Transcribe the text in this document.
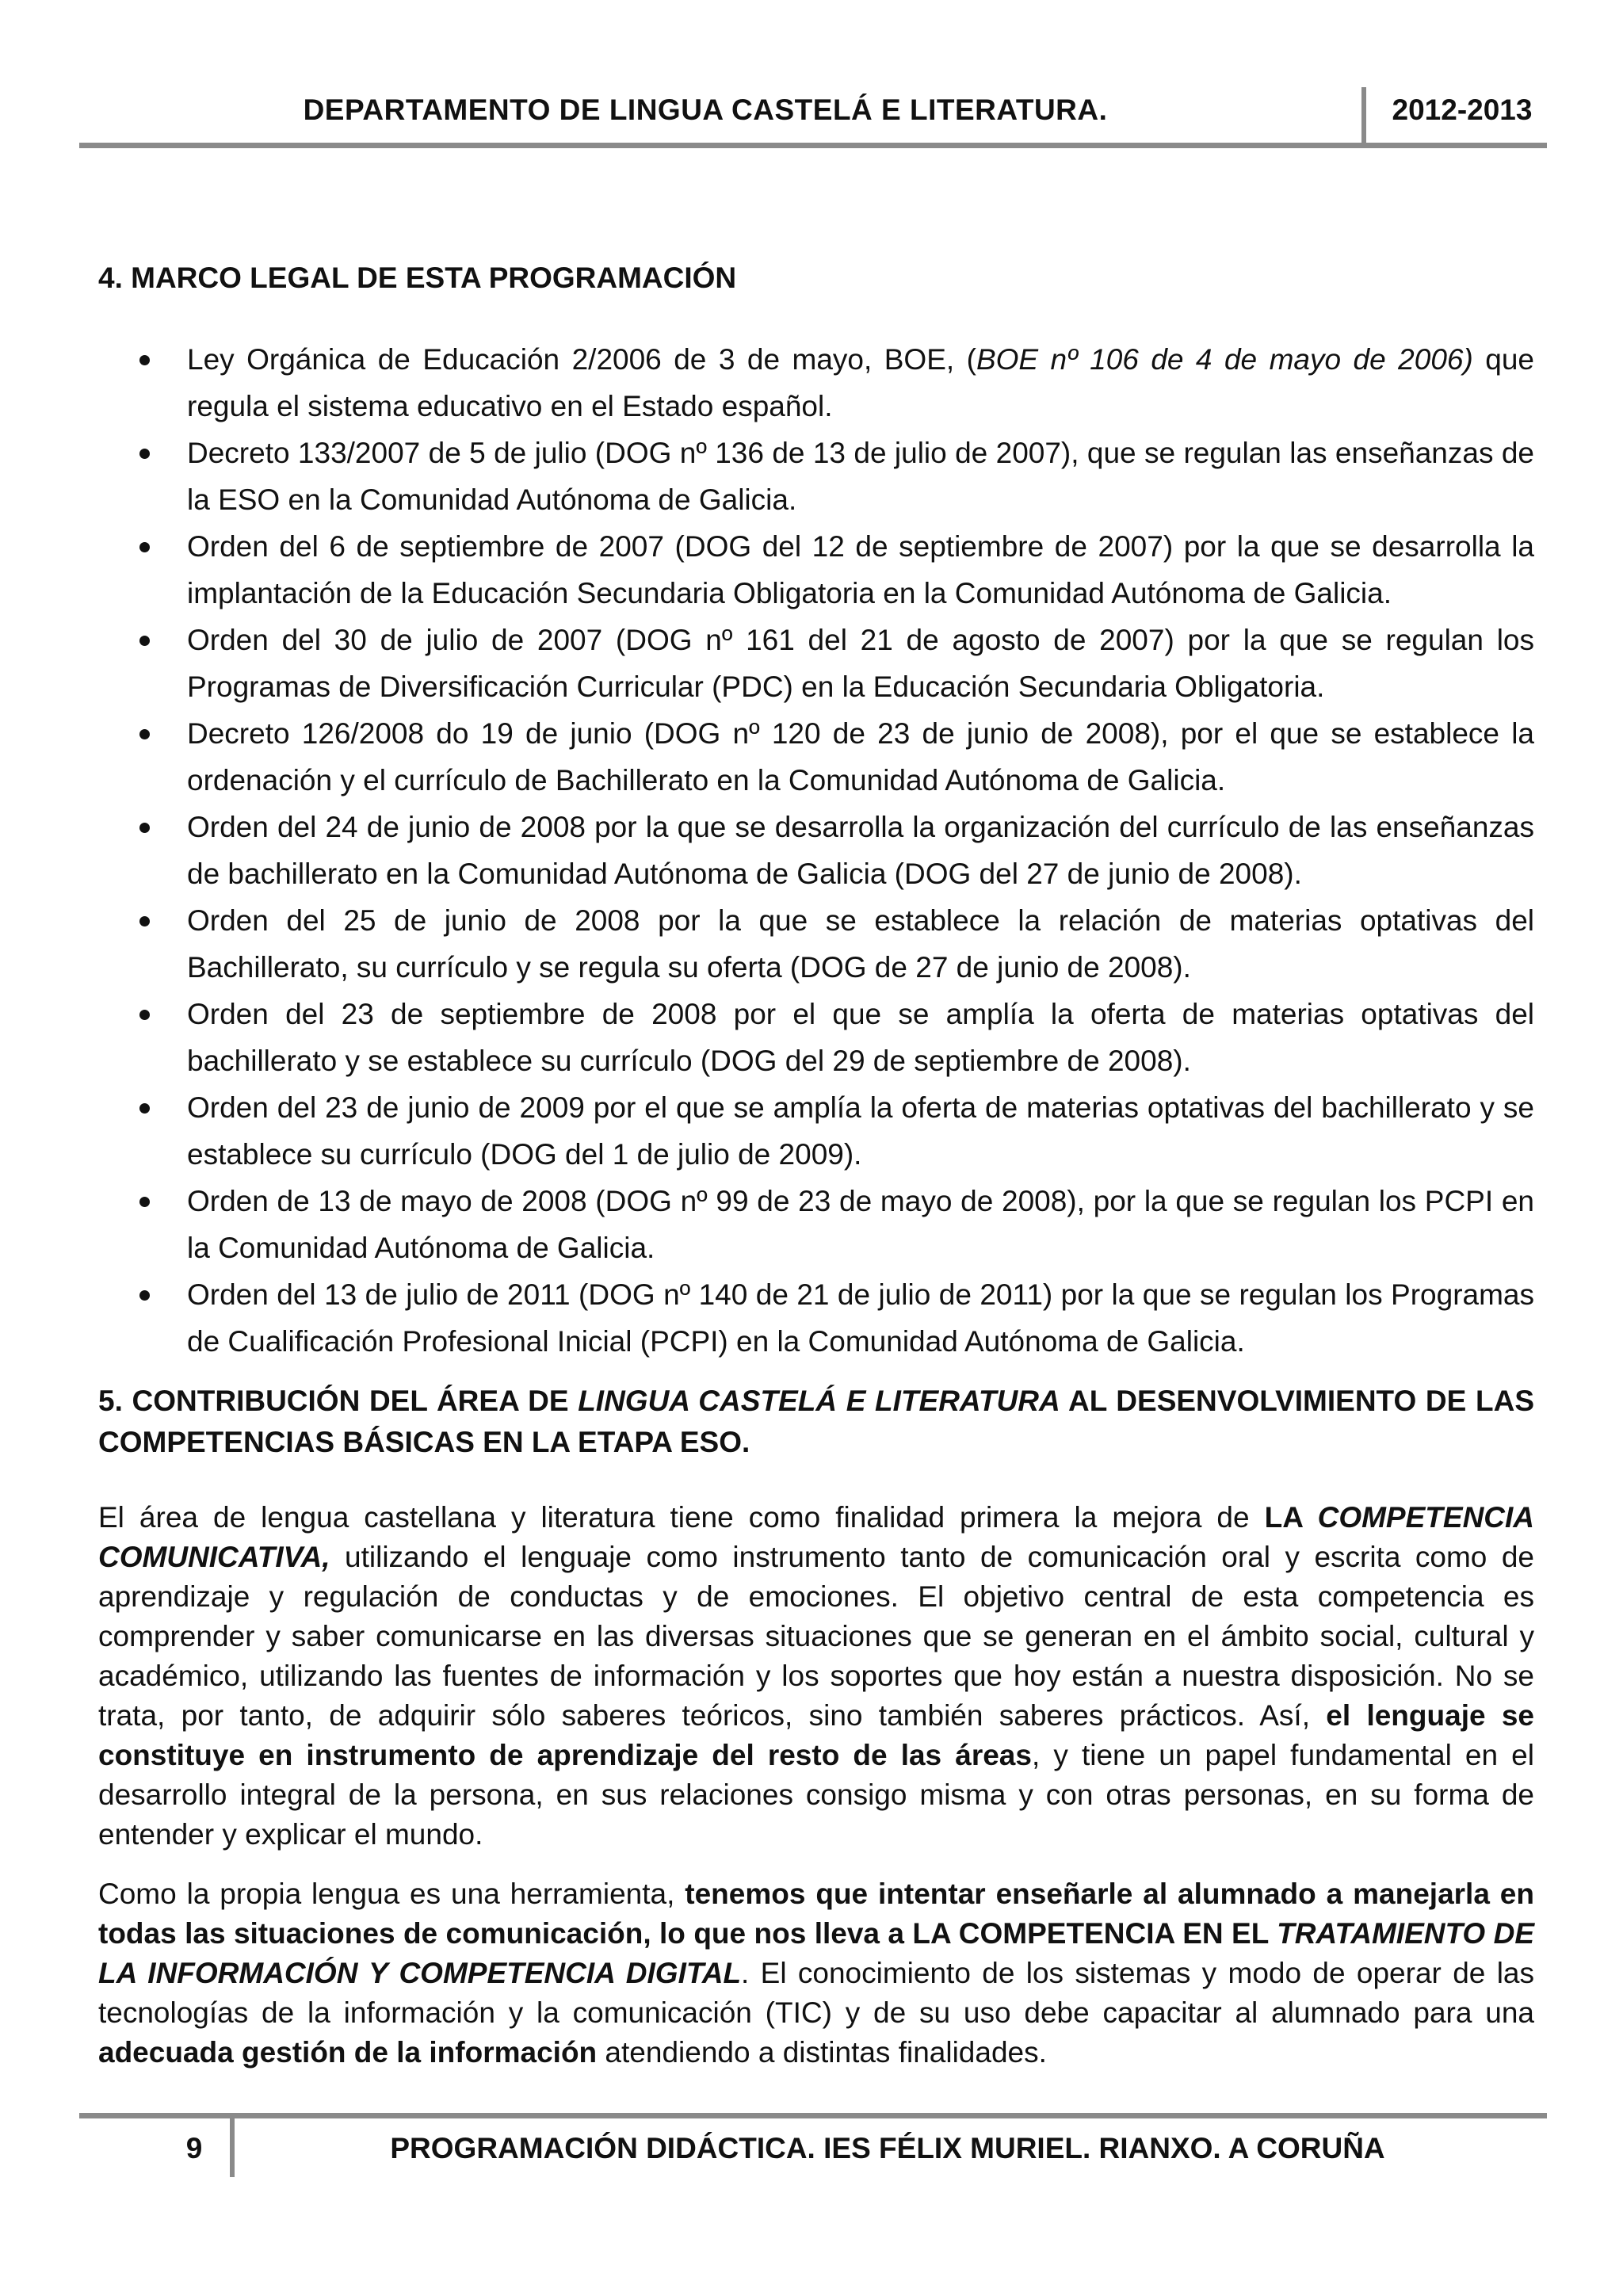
DEPARTAMENTO DE LINGUA CASTELÁ E LITERATURA.	2012-2013
4. MARCO LEGAL DE ESTA PROGRAMACIÓN
Ley Orgánica de Educación 2/2006 de 3 de mayo, BOE, (BOE nº 106 de 4 de mayo de 2006) que regula el sistema educativo en el Estado español.
Decreto 133/2007 de 5 de julio (DOG nº 136 de 13 de julio de 2007), que se regulan las enseñanzas de la ESO en la Comunidad Autónoma de Galicia.
Orden del 6 de septiembre de 2007 (DOG del 12 de septiembre de 2007) por la que se desarrolla la implantación de la Educación Secundaria Obligatoria en la Comunidad Autónoma de Galicia.
Orden del 30 de julio de 2007 (DOG nº 161 del 21 de agosto de 2007) por la que se regulan los Programas de Diversificación Curricular (PDC) en la Educación Secundaria Obligatoria.
Decreto 126/2008 do 19 de junio (DOG nº 120 de 23 de junio de 2008), por el que se establece la ordenación y el currículo de Bachillerato en la Comunidad Autónoma de Galicia.
Orden del 24 de junio de 2008 por la que se desarrolla la organización del currículo de las enseñanzas de bachillerato en la Comunidad Autónoma de Galicia (DOG del 27 de junio de 2008).
Orden del 25 de junio de 2008 por la que se establece la relación de materias optativas del Bachillerato, su currículo y se regula su oferta (DOG de 27 de junio de 2008).
Orden del 23 de septiembre de 2008 por el que se amplía la oferta de materias optativas del bachillerato y se establece su currículo (DOG del 29 de septiembre de 2008).
Orden del 23 de junio de 2009 por el que se amplía la oferta de materias optativas del bachillerato y se establece su currículo (DOG del 1 de julio de 2009).
Orden de 13 de mayo de 2008 (DOG nº 99 de 23 de mayo de 2008), por la que se regulan los PCPI en la Comunidad Autónoma de Galicia.
Orden del 13 de julio de 2011 (DOG nº 140 de 21 de julio de 2011) por la que se regulan los Programas de Cualificación Profesional Inicial (PCPI) en la Comunidad Autónoma de Galicia.
5. CONTRIBUCIÓN DEL ÁREA DE LINGUA CASTELÁ E LITERATURA AL DESENVOLVIMIENTO DE LAS COMPETENCIAS BÁSICAS EN LA ETAPA ESO.

El área de lengua castellana y literatura tiene como finalidad primera la mejora de LA COMPETENCIA COMUNICATIVA, utilizando el lenguaje como instrumento tanto de comunicación oral y escrita como de aprendizaje y regulación de conductas y de emociones. El objetivo central de esta competencia es comprender y saber comunicarse en las diversas situaciones que se generan en el ámbito social, cultural y académico, utilizando las fuentes de información y los soportes que hoy están a nuestra disposición. No se trata, por tanto, de adquirir sólo saberes teóricos, sino también saberes prácticos. Así, el lenguaje se constituye en instrumento de aprendizaje del resto de las áreas, y tiene un papel fundamental en el desarrollo integral de la persona, en sus relaciones consigo misma y con otras personas, en su forma de entender y explicar el mundo.

Como la propia lengua es una herramienta, tenemos que intentar enseñarle al alumnado a manejarla en todas las situaciones de comunicación, lo que nos lleva a LA COMPETENCIA EN EL TRATAMIENTO DE LA INFORMACIÓN Y COMPETENCIA DIGITAL. El conocimiento de los sistemas y modo de operar de las tecnologías de la información y la comunicación (TIC) y de su uso debe capacitar al alumnado para una adecuada gestión de la información atendiendo a distintas finalidades.

9	PROGRAMACIÓN DIDÁCTICA. IES FÉLIX MURIEL. RIANXO. A CORUÑA
